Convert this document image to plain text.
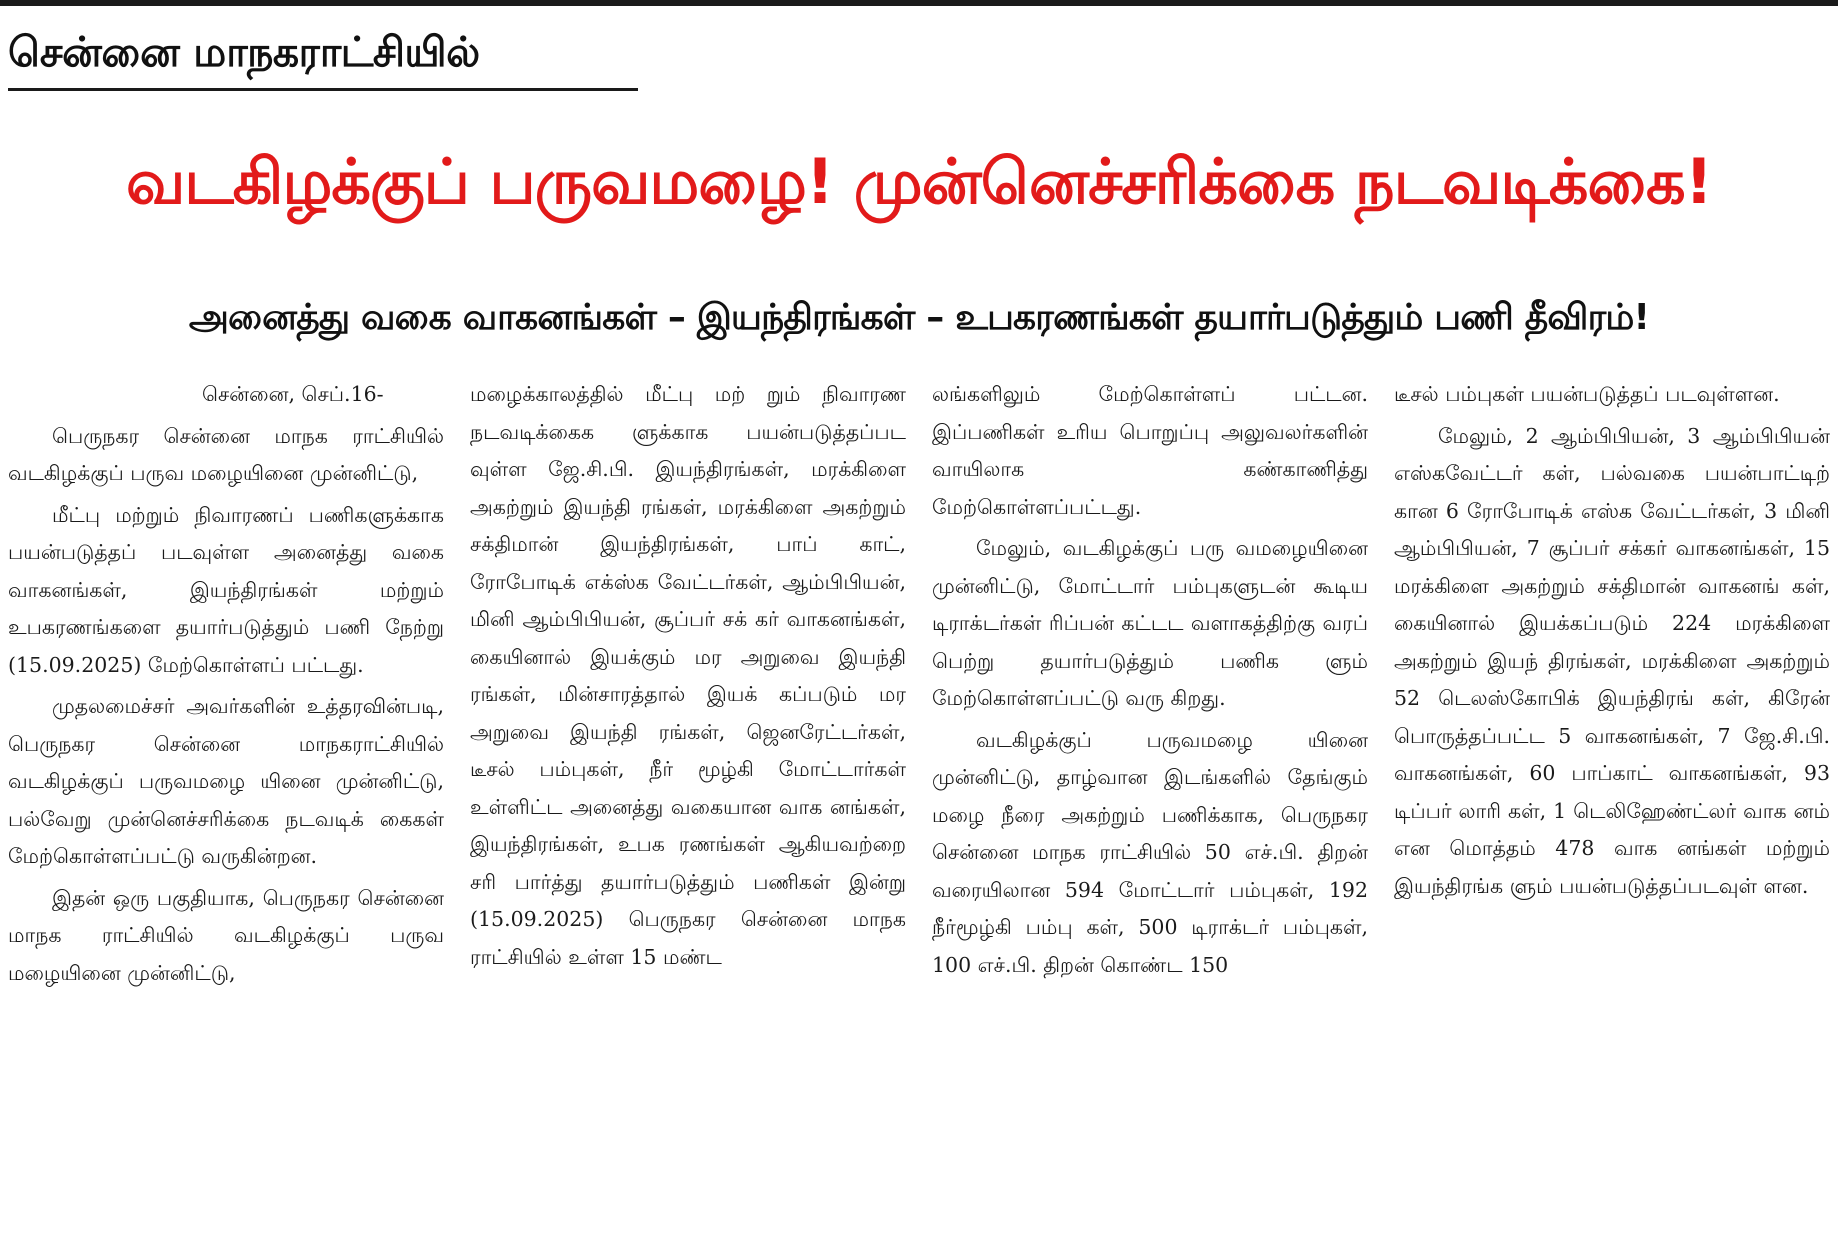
சென்னை மாநகராட்சியில்
வடகிழக்குப் பருவமழை! முன்னெச்சரிக்கை நடவடிக்கை!
அனைத்து வகை வாகனங்கள் – இயந்திரங்கள் – உபகரணங்கள் தயார்படுத்தும் பணி தீவிரம்!

சென்னை, செப்.16-

பெருநகர சென்னை மாநக ராட்சியில் வடகிழக்குப் பருவ மழையினை முன்னிட்டு,

மீட்பு மற்றும் நிவாரணப் பணிகளுக்காக பயன்படுத்தப் படவுள்ள அனைத்து வகை வாகனங்கள், இயந்திரங்கள் மற்றும் உபகரணங்களை தயார்படுத்தும் பணி நேற்று (15.09.2025) மேற்கொள்ளப் பட்டது.

முதலமைச்சர் அவர்களின் உத்தரவின்படி, பெருநகர சென்னை மாநகராட்சியில் வடகிழக்குப் பருவமழை யினை முன்னிட்டு, பல்வேறு முன்னெச்சரிக்கை நடவடிக் கைகள் மேற்கொள்ளப்பட்டு வருகின்றன.

இதன் ஒரு பகுதியாக, பெருநகர சென்னை மாநக ராட்சியில் வடகிழக்குப் பருவ மழையினை முன்னிட்டு,

மழைக்காலத்தில் மீட்பு மற் றும் நிவாரண நடவடிக்கைக ளுக்காக பயன்படுத்தப்பட வுள்ள ஜே.சி.பி. இயந்திரங்கள், மரக்கிளை அகற்றும் இயந்தி ரங்கள், மரக்கிளை அகற்றும் சக்திமான் இயந்திரங்கள், பாப் காட், ரோபோடிக் எக்ஸ்க வேட்டர்கள், ஆம்பிபியன், மினி ஆம்பிபியன், சூப்பர் சக் கர் வாகனங்கள், கையினால் இயக்கும் மர அறுவை இயந்தி ரங்கள், மின்சாரத்தால் இயக் கப்படும் மர அறுவை இயந்தி ரங்கள், ஜெனரேட்டர்கள், டீசல் பம்புகள், நீர் மூழ்கி மோட்டார்கள் உள்ளிட்ட அனைத்து வகையான வாக னங்கள், இயந்திரங்கள், உபக ரணங்கள் ஆகியவற்றை சரி பார்த்து தயார்படுத்தும் பணிகள் இன்று (15.09.2025) பெருநகர சென்னை மாநக ராட்சியில் உள்ள 15 மண்ட

லங்களிலும் மேற்கொள்ளப் பட்டன. இப்பணிகள் உரிய பொறுப்பு அலுவலர்களின் வாயிலாக கண்காணித்து மேற்கொள்ளப்பட்டது.

மேலும், வடகிழக்குப் பரு வமழையினை முன்னிட்டு, மோட்டார் பம்புகளுடன் கூடிய டிராக்டர்கள் ரிப்பன் கட்டட வளாகத்திற்கு வரப் பெற்று தயார்படுத்தும் பணிக ளும் மேற்கொள்ளப்பட்டு வரு கிறது.

வடகிழக்குப் பருவமழை யினை முன்னிட்டு, தாழ்வான இடங்களில் தேங்கும் மழை நீரை அகற்றும் பணிக்காக, பெருநகர சென்னை மாநக ராட்சியில் 50 எச்.பி. திறன் வரையிலான 594 மோட்டார் பம்புகள், 192 நீர்மூழ்கி பம்பு கள், 500 டிராக்டர் பம்புகள், 100 எச்.பி. திறன் கொண்ட 150

டீசல் பம்புகள் பயன்படுத்தப் படவுள்ளன.

மேலும், 2 ஆம்பிபியன், 3 ஆம்பிபியன் எஸ்கவேட்டர் கள், பல்வகை பயன்பாட்டிற் கான 6 ரோபோடிக் எஸ்க வேட்டர்கள், 3 மினி ஆம்பிபியன், 7 சூப்பர் சக்கர் வாகனங்கள், 15 மரக்கிளை அகற்றும் சக்திமான் வாகனங் கள், கையினால் இயக்கப்படும் 224 மரக்கிளை அகற்றும் இயந் திரங்கள், மரக்கிளை அகற்றும் 52 டெலஸ்கோபிக் இயந்திரங் கள், கிரேன் பொருத்தப்பட்ட 5 வாகனங்கள், 7 ஜே.சி.பி. வாகனங்கள், 60 பாப்காட் வாகனங்கள், 93 டிப்பர் லாரி கள், 1 டெலிஹேண்ட்லர் வாக னம் என மொத்தம் 478 வாக னங்கள் மற்றும் இயந்திரங்க ளும் பயன்படுத்தப்படவுள் ளன.
